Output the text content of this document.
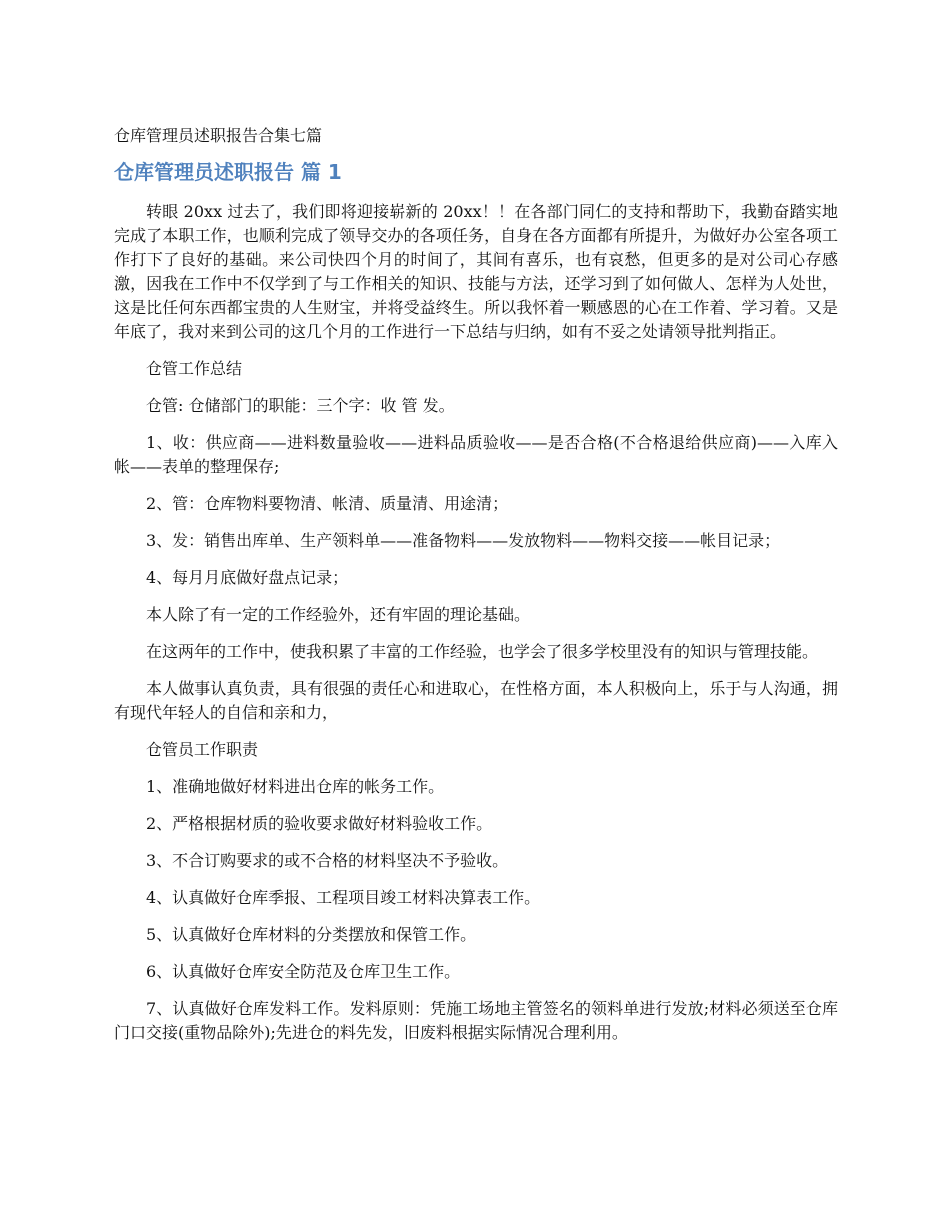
仓库管理员述职报告合集七篇
仓库管理员述职报告 篇 1

转眼 20xx 过去了，我们即将迎接崭新的 20xx！！在各部门同仁的支持和帮助下，我勤奋踏实地完成了本职工作，也顺利完成了领导交办的各项任务，自身在各方面都有所提升，为做好办公室各项工作打下了良好的基础。来公司快四个月的时间了，其间有喜乐，也有哀愁，但更多的是对公司心存感激，因我在工作中不仅学到了与工作相关的知识、技能与方法，还学习到了如何做人、怎样为人处世，这是比任何东西都宝贵的人生财宝，并将受益终生。所以我怀着一颗感恩的心在工作着、学习着。又是年底了，我对来到公司的这几个月的工作进行一下总结与归纳，如有不妥之处请领导批判指正。

仓管工作总结

仓管: 仓储部门的职能：三个字：收 管 发。

1、收：供应商——进料数量验收——进料品质验收——是否合格(不合格退给供应商)——入库入帐——表单的整理保存;

2、管：仓库物料要物清、帐清、质量清、用途清；

3、发：销售出库单、生产领料单——准备物料——发放物料——物料交接——帐目记录；

4、每月月底做好盘点记录；

本人除了有一定的工作经验外，还有牢固的理论基础。

在这两年的工作中，使我积累了丰富的工作经验，也学会了很多学校里没有的知识与管理技能。

本人做事认真负责，具有很强的责任心和进取心，在性格方面，本人积极向上，乐于与人沟通，拥有现代年轻人的自信和亲和力，

仓管员工作职责

1、准确地做好材料进出仓库的帐务工作。

2、严格根据材质的验收要求做好材料验收工作。

3、不合订购要求的或不合格的材料坚决不予验收。

4、认真做好仓库季报、工程项目竣工材料决算表工作。

5、认真做好仓库材料的分类摆放和保管工作。

6、认真做好仓库安全防范及仓库卫生工作。

7、认真做好仓库发料工作。发料原则：凭施工场地主管签名的领料单进行发放;材料必须送至仓库门口交接(重物品除外);先进仓的料先发，旧废料根据实际情况合理利用。
